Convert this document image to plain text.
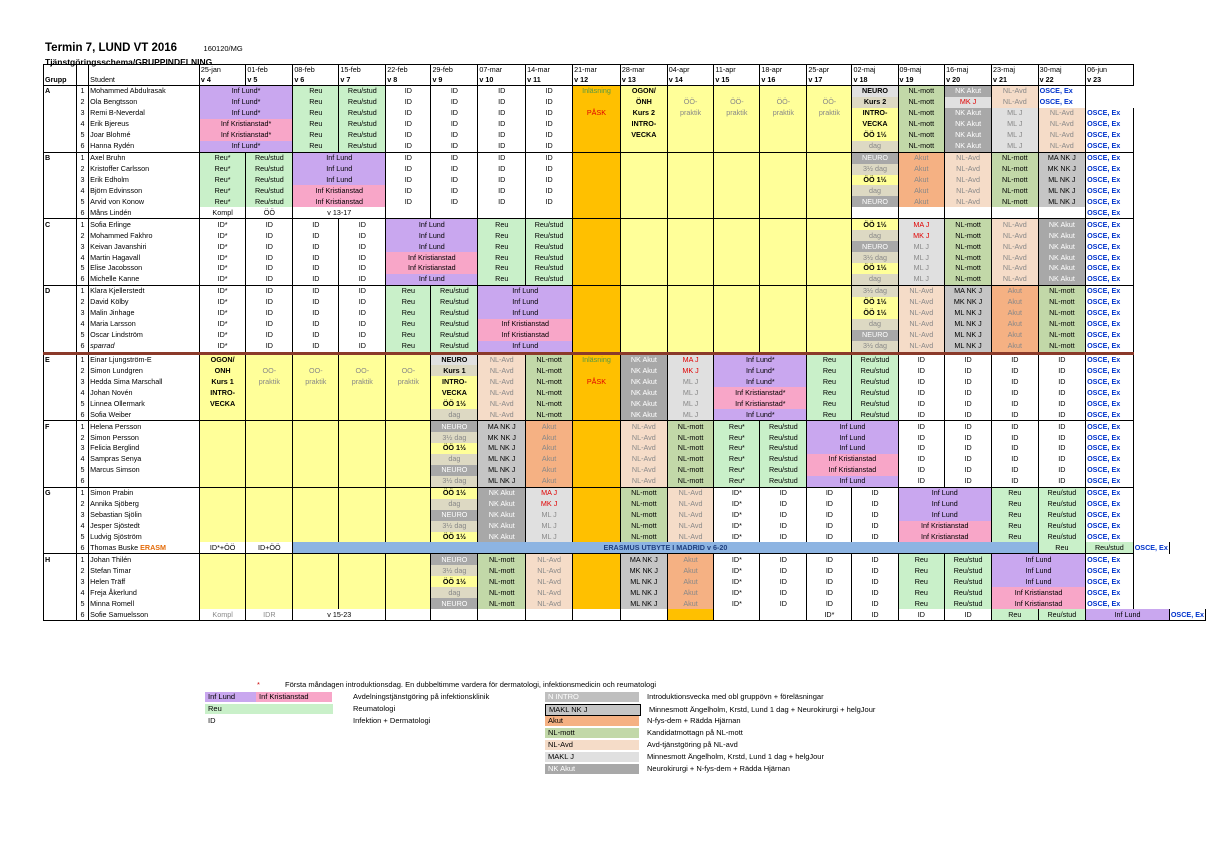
Termin 7, LUND VT 2016	160120/MG
Tjänstgöringsschema/GRUPPINDELNING
			25-jan	01-feb	08-feb	15-feb	22-feb	29-feb	07-mar	14-mar	21-mar	28-mar	04-apr	11-apr	18-apr	25-apr	02-maj	09-maj	16-maj	23-maj	30-maj	06-jun		
Grupp		Student	v 4	v 5	v 6	v 7	v 8	v 9	v 10	v 11	v 12	v 13	v 14	v 15	v 16	v 17	v 18	v 19	v 20	v 21	v 22	v 23		
A	1	Mohammed Abdulrasak	Inf Lund*		Reu	Reu/stud	ID	ID	ID	ID	Inläsning	OGON/					NEURO	NL-mott	NK Akut	NL-Avd	OSCE, Ex			
	2	Ola Bengtsson	Inf Lund*		Reu	Reu/stud	ID	ID	ID	ID		ÖNH	ÖÖ-	ÖÖ-	ÖÖ-	ÖÖ-	Kurs 2	NL-mott	MK J	NL-Avd	OSCE, Ex			
	3	Remi B-Neverdal	Inf Lund*		Reu	Reu/stud	ID	ID	ID	ID	PÅSK	Kurs 2	praktik	praktik	praktik	praktik	INTRO-	NL-mott	NK Akut	ML J	NL-Avd	OSCE, Ex		
	4	Erik Bjereus	Inf Kristianstad*		Reu	Reu/stud	ID	ID	ID	ID		INTRO-					VECKA	NL-mott	NK Akut	ML J	NL-Avd	OSCE, Ex		
	5	Joar Blohmé	Inf Kristianstad*		Reu	Reu/stud	ID	ID	ID	ID		VECKA					ÖÖ 1½	NL-mott	NK Akut	ML J	NL-Avd	OSCE, Ex		
	6	Hanna Rydén	Inf Lund*		Reu	Reu/stud	ID	ID	ID	ID							dag	NL-mott	NK Akut	ML J	NL-Avd	OSCE, Ex		
B	1	Axel Bruhn	Reu*	Reu/stud	Inf Lund		ID	ID	ID	ID							NEURO	Akut	NL-Avd	NL-mott	MA NK J	OSCE, Ex		
	2	Kristoffer Carlsson	Reu*	Reu/stud	Inf Lund		ID	ID	ID	ID							3½ dag	Akut	NL-Avd	NL-mott	MK NK J	OSCE, Ex		
	3	Erik Edholm	Reu*	Reu/stud	Inf Lund		ID	ID	ID	ID							ÖÖ 1½	Akut	NL-Avd	NL-mott	ML NK J	OSCE, Ex		
	4	Björn Edvinsson	Reu*	Reu/stud	Inf Kristianstad		ID	ID	ID	ID							dag	Akut	NL-Avd	NL-mott	ML NK J	OSCE, Ex		
	5	Arvid von Konow	Reu*	Reu/stud	Inf Kristianstad		ID	ID	ID	ID							NEURO	Akut	NL-Avd	NL-mott	ML NK J	OSCE, Ex		
	6	Måns Lindén	Kompl	ÖÖ	v 13-17																	OSCE, Ex		
C	1	Sofia Erlinge	ID*	ID	ID	ID	Inf Lund		Reu	Reu/stud							ÖÖ 1½	MA J	NL-mott	NL-Avd	NK Akut	OSCE, Ex		
	2	Mohammed Fakhro	ID*	ID	ID	ID	Inf Lund		Reu	Reu/stud							dag	MK J	NL-mott	NL-Avd	NK Akut	OSCE, Ex		
	3	Keivan Javanshiri	ID*	ID	ID	ID	Inf Lund		Reu	Reu/stud							NEURO	ML J	NL-mott	NL-Avd	NK Akut	OSCE, Ex		
	4	Martin Hagavall	ID*	ID	ID	ID	Inf Kristianstad		Reu	Reu/stud							3½ dag	ML J	NL-mott	NL-Avd	NK Akut	OSCE, Ex		
	5	Elise Jacobsson	ID*	ID	ID	ID	Inf Kristianstad		Reu	Reu/stud							ÖÖ 1½	ML J	NL-mott	NL-Avd	NK Akut	OSCE, Ex		
	6	Michelle Kanne	ID*	ID	ID	ID	Inf Lund		Reu	Reu/stud							dag	ML J	NL-mott	NL-Avd	NK Akut	OSCE, Ex		
D	1	Klara Kjellerstedt	ID*	ID	ID	ID	Reu	Reu/stud	Inf Lund								3½ dag	NL-Avd	MA NK J	Akut	NL-mott	OSCE, Ex		
	2	David Kölby	ID*	ID	ID	ID	Reu	Reu/stud	Inf Lund								ÖÖ 1½	NL-Avd	MK NK J	Akut	NL-mott	OSCE, Ex		
	3	Malin Jinhage	ID*	ID	ID	ID	Reu	Reu/stud	Inf Lund								ÖÖ 1½	NL-Avd	ML NK J	Akut	NL-mott	OSCE, Ex		
	4	Maria Larsson	ID*	ID	ID	ID	Reu	Reu/stud	Inf Kristianstad								dag	NL-Avd	ML NK J	Akut	NL-mott	OSCE, Ex		
	5	Oscar Lindström	ID*	ID	ID	ID	Reu	Reu/stud	Inf Kristianstad								NEURO	NL-Avd	ML NK J	Akut	NL-mott	OSCE, Ex		
	6	sparrad	ID*	ID	ID	ID	Reu	Reu/stud	Inf Lund								3½ dag	NL-Avd	ML NK J	Akut	NL-mott	OSCE, Ex		
E	1	Einar Ljungström-E	OGON/					NEURO	NL-Avd	NL-mott	Inläsning	NK Akut	MA J	Inf Lund*		Reu	Reu/stud	ID	ID	ID	ID	OSCE, Ex		
	2	Simon Lundgren	ONH	OO-	OO-	OO-	OO-	Kurs 1	NL-Avd	NL-mott		NK Akut	MK J	Inf Lund*		Reu	Reu/stud	ID	ID	ID	ID	OSCE, Ex		
	3	Hedda Sima Marschall	Kurs 1	praktik	praktik	praktik	praktik	INTRO-	NL-Avd	NL-mott	PÅSK	NK Akut	ML J	Inf Lund*		Reu	Reu/stud	ID	ID	ID	ID	OSCE, Ex		
	4	Johan Novén	INTRO-					VECKA	NL-Avd	NL-mott		NK Akut	ML J	Inf Kristianstad*		Reu	Reu/stud	ID	ID	ID	ID	OSCE, Ex		
	5	Linnea Ollermark	VECKA					ÖÖ 1½	NL-Avd	NL-mott		NK Akut	ML J	Inf Kristianstad*		Reu	Reu/stud	ID	ID	ID	ID	OSCE, Ex		
	6	Sofia Weiber						dag	NL-Avd	NL-mott		NK Akut	ML J	Inf Lund*		Reu	Reu/stud	ID	ID	ID	ID	OSCE, Ex		
F	1	Helena Persson						NEURO	MA NK J	Akut		NL-Avd	NL-mott	Reu*	Reu/stud	Inf Lund		ID	ID	ID	ID	OSCE, Ex		
	2	Simon Persson						3½ dag	MK NK J	Akut		NL-Avd	NL-mott	Reu*	Reu/stud	Inf Lund		ID	ID	ID	ID	OSCE, Ex		
	3	Felicia Berglind						ÖÖ 1½	ML NK J	Akut		NL-Avd	NL-mott	Reu*	Reu/stud	Inf Lund		ID	ID	ID	ID	OSCE, Ex		
	4	Sampras Senya						dag	ML NK J	Akut		NL-Avd	NL-mott	Reu*	Reu/stud	Inf Kristianstad		ID	ID	ID	ID	OSCE, Ex		
	5	Marcus Simson						NEURO	ML NK J	Akut		NL-Avd	NL-mott	Reu*	Reu/stud	Inf Kristianstad		ID	ID	ID	ID	OSCE, Ex		
	6							3½ dag	ML NK J	Akut		NL-Avd	NL-mott	Reu*	Reu/stud	Inf Lund		ID	ID	ID	ID	OSCE, Ex		
G	1	Simon Prabin						ÖÖ 1½	NK Akut	MA J		NL-mott	NL-Avd	ID*	ID	ID	ID	Inf Lund		Reu	Reu/stud	OSCE, Ex		
	2	Annika Sjöberg						dag	NK Akut	MK J		NL-mott	NL-Avd	ID*	ID	ID	ID	Inf Lund		Reu	Reu/stud	OSCE, Ex		
	3	Sebastian Sjölin						NEURO	NK Akut	ML J		NL-mott	NL-Avd	ID*	ID	ID	ID	Inf Lund		Reu	Reu/stud	OSCE, Ex		
	4	Jesper Sjöstedt						3½ dag	NK Akut	ML J		NL-mott	NL-Avd	ID*	ID	ID	ID	Inf Kristianstad		Reu	Reu/stud	OSCE, Ex		
	5	Ludvig Sjöström						ÖÖ 1½	NK Akut	ML J		NL-mott	NL-Avd	ID*	ID	ID	ID	Inf Kristianstad		Reu	Reu/stud	OSCE, Ex		
	6	Thomas Buske ERASM	ID*+ÖÖ	ID+ÖÖ	ERASMUS UTBYTE I MADRID v 6-20																Reu	Reu/stud	OSCE, Ex	
H	1	Johan Thilén						NEURO	NL-mott	NL-Avd		MA NK J	Akut	ID*	ID	ID	ID	Reu	Reu/stud	Inf Lund		OSCE, Ex		
	2	Stefan Timar						3½ dag	NL-mott	NL-Avd		MK NK J	Akut	ID*	ID	ID	ID	Reu	Reu/stud	Inf Lund		OSCE, Ex		
	3	Helen Träff						ÖÖ 1½	NL-mott	NL-Avd		ML NK J	Akut	ID*	ID	ID	ID	Reu	Reu/stud	Inf Lund		OSCE, Ex		
	4	Freja Åkerlund						dag	NL-mott	NL-Avd		ML NK J	Akut	ID*	ID	ID	ID	Reu	Reu/stud	Inf Kristianstad		OSCE, Ex		
	5	Minna Romell						NEURO	NL-mott	NL-Avd		ML NK J	Akut	ID*	ID	ID	ID	Reu	Reu/stud	Inf Kristianstad		OSCE, Ex		
	6	Sofie Samuelsson	Kompl	IDR	v 15-23											ID*	ID	ID	ID	Reu	Reu/stud	Inf Lund		OSCE, Ex
*	Första måndagen introduktionsdag. En dubbeltimme vardera för dermatologi, infektionsmedicin och reumatologi
Inf Lund	Inf Kristianstad	Avdelningstjänstgöring på infektionsklinik
Reu	Reumatologi
ID	Infektion + Dermatologi
N INTRO	Introduktionsvecka med obl gruppövn + föreläsningar
MAKL NK J	Minnesmott Ängelholm, Krstd, Lund 1 dag + Neurokirurgi + helgJour
Akut	N-fys-dem + Rädda Hjärnan
NL-mott	Kandidatmottagn på NL-mott
NL-Avd	Avd-tjänstgöring på NL-avd
MAKL J	Minnesmott Ängelholm, Krstd, Lund 1 dag + helgJour
NK Akut	Neurokirurgi + N-fys-dem + Rädda Hjärnan
